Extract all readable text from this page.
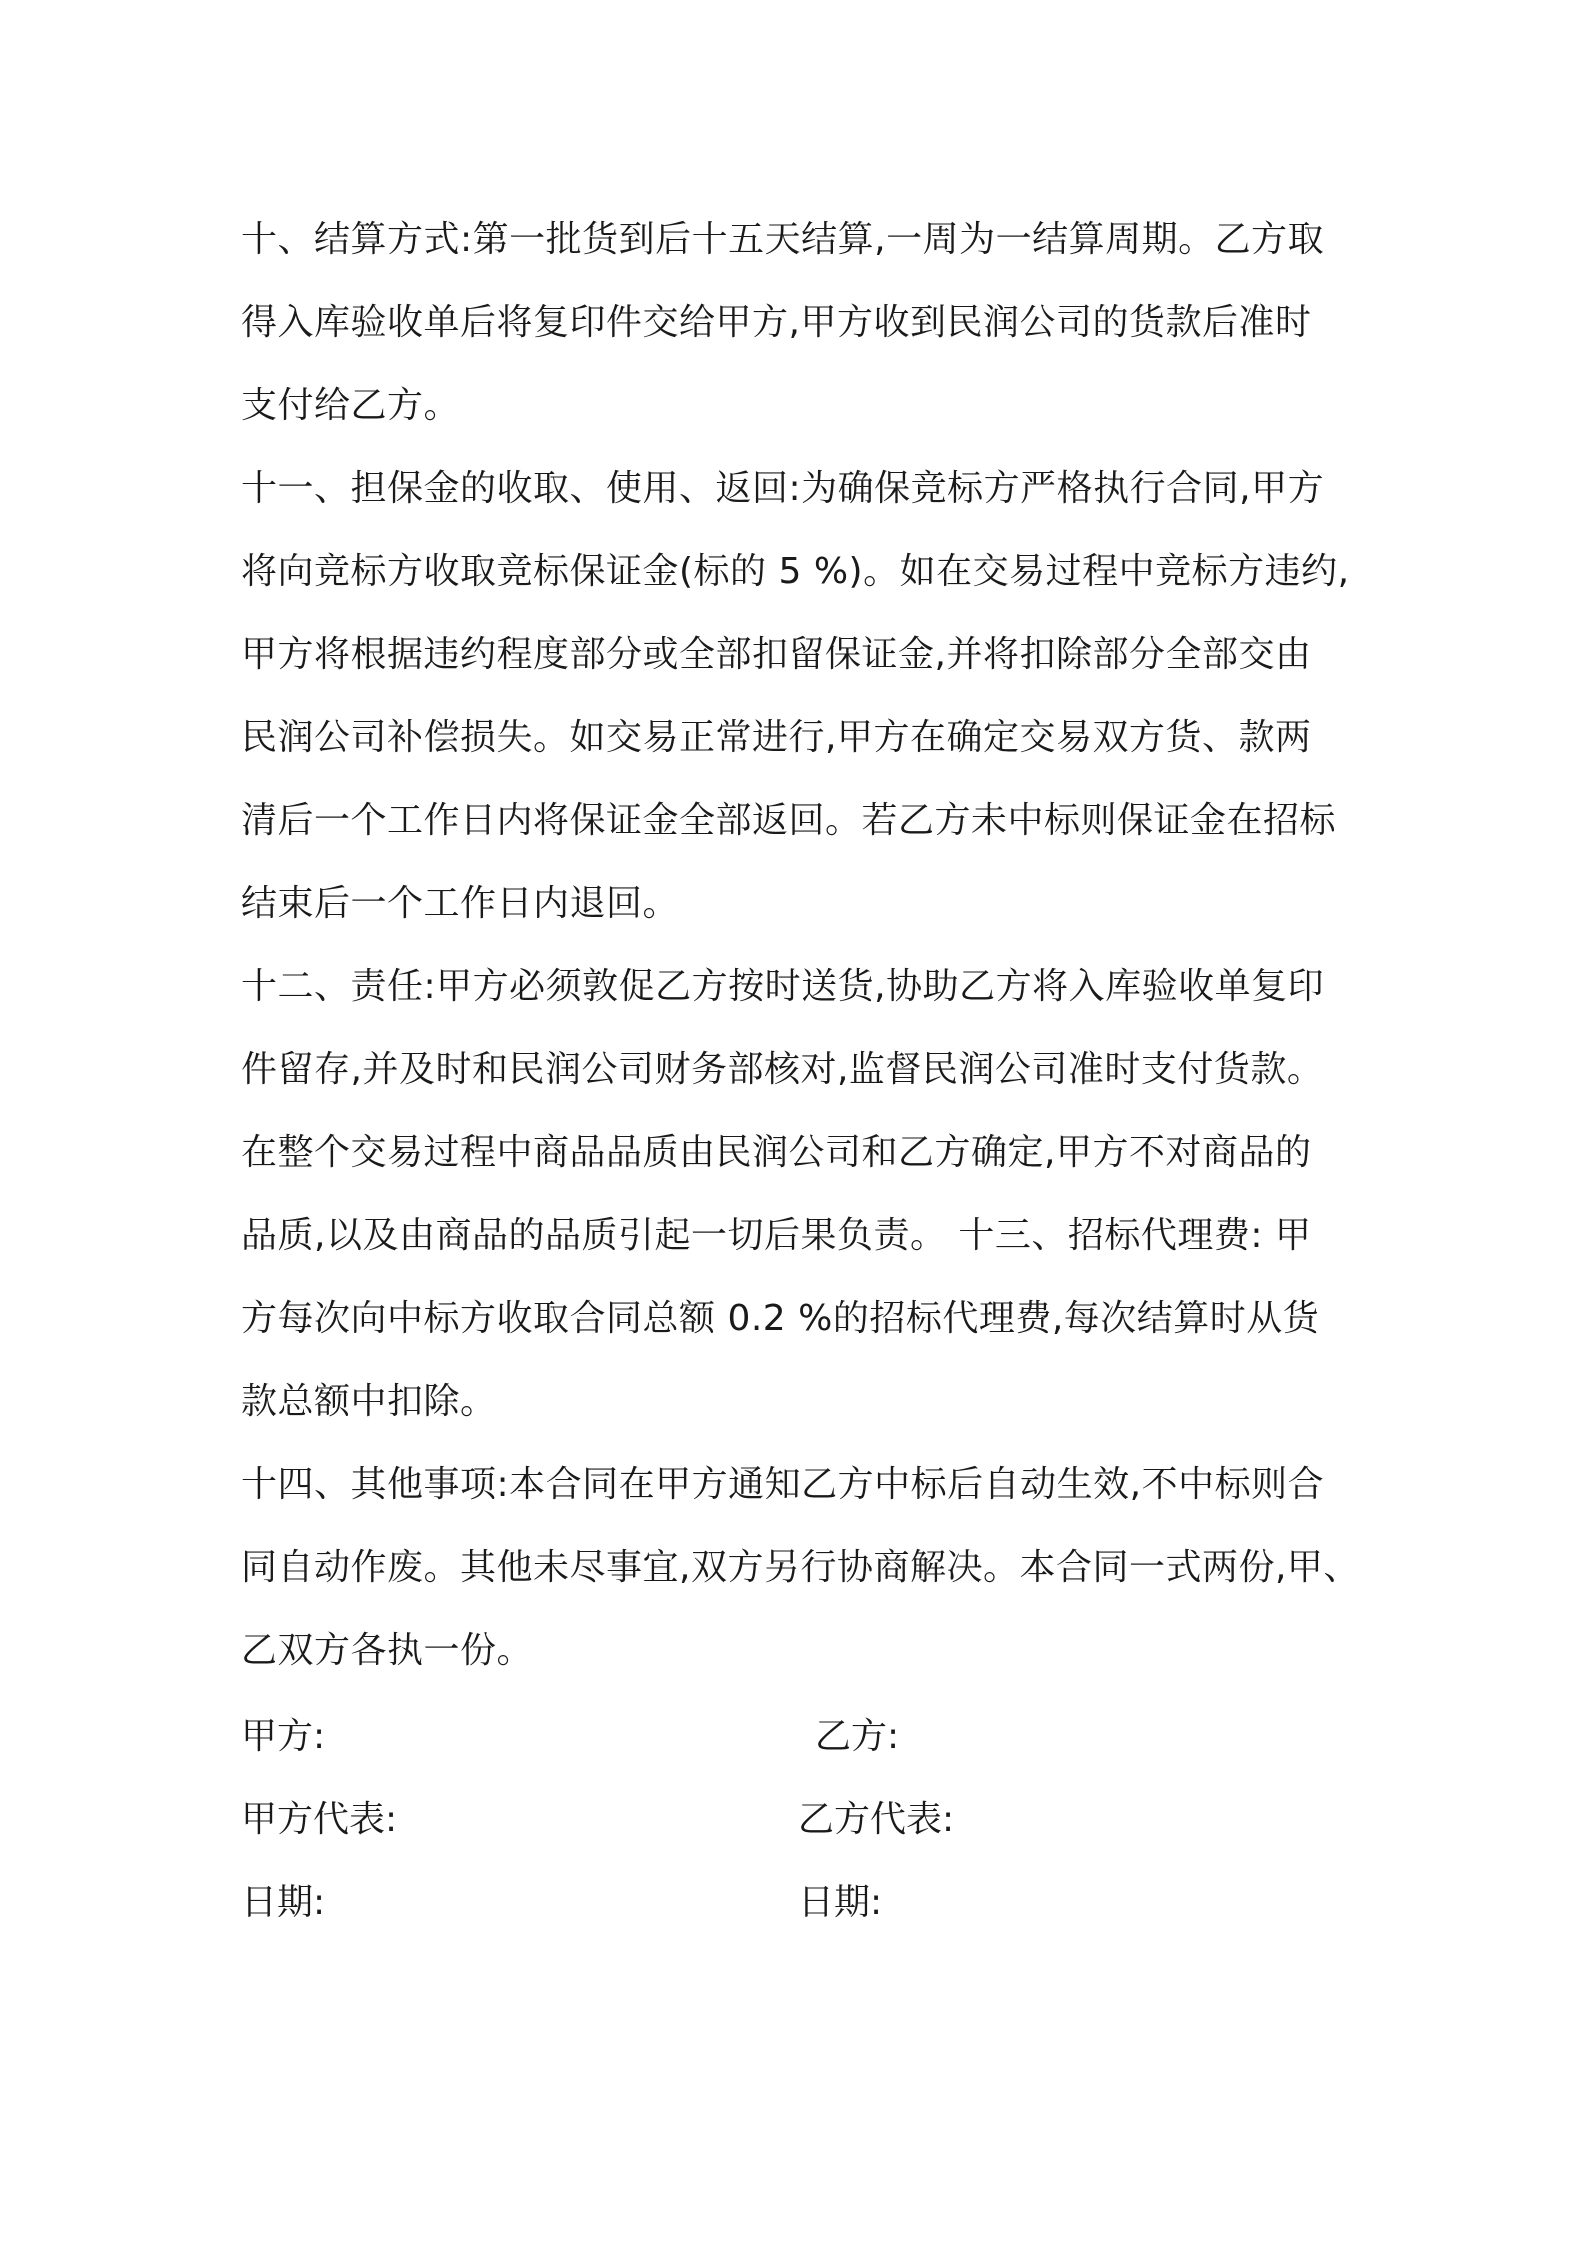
十、结算方式:第一批货到后十五天结算,一周为一结算周期。乙方取
得入库验收单后将复印件交给甲方,甲方收到民润公司的货款后准时
支付给乙方。
十一、担保金的收取、使用、返回:为确保竞标方严格执行合同,甲方
将向竞标方收取竞标保证金(标的 5 %)。如在交易过程中竞标方违约,
甲方将根据违约程度部分或全部扣留保证金,并将扣除部分全部交由
民润公司补偿损失。如交易正常进行,甲方在确定交易双方货、款两
清后一个工作日内将保证金全部返回。若乙方未中标则保证金在招标
结束后一个工作日内退回。
十二、责任:甲方必须敦促乙方按时送货,协助乙方将入库验收单复印
件留存,并及时和民润公司财务部核对,监督民润公司准时支付货款。
在整个交易过程中商品品质由民润公司和乙方确定,甲方不对商品的
品质,以及由商品的品质引起一切后果负责。 十三、招标代理费: 甲
方每次向中标方收取合同总额 0.2 %的招标代理费,每次结算时从货
款总额中扣除。
十四、其他事项:本合同在甲方通知乙方中标后自动生效,不中标则合
同自动作废。其他未尽事宜,双方另行协商解决。本合同一式两份,甲、
乙双方各执一份。
甲方:	乙方:
甲方代表:	乙方代表:
日期:	日期:
